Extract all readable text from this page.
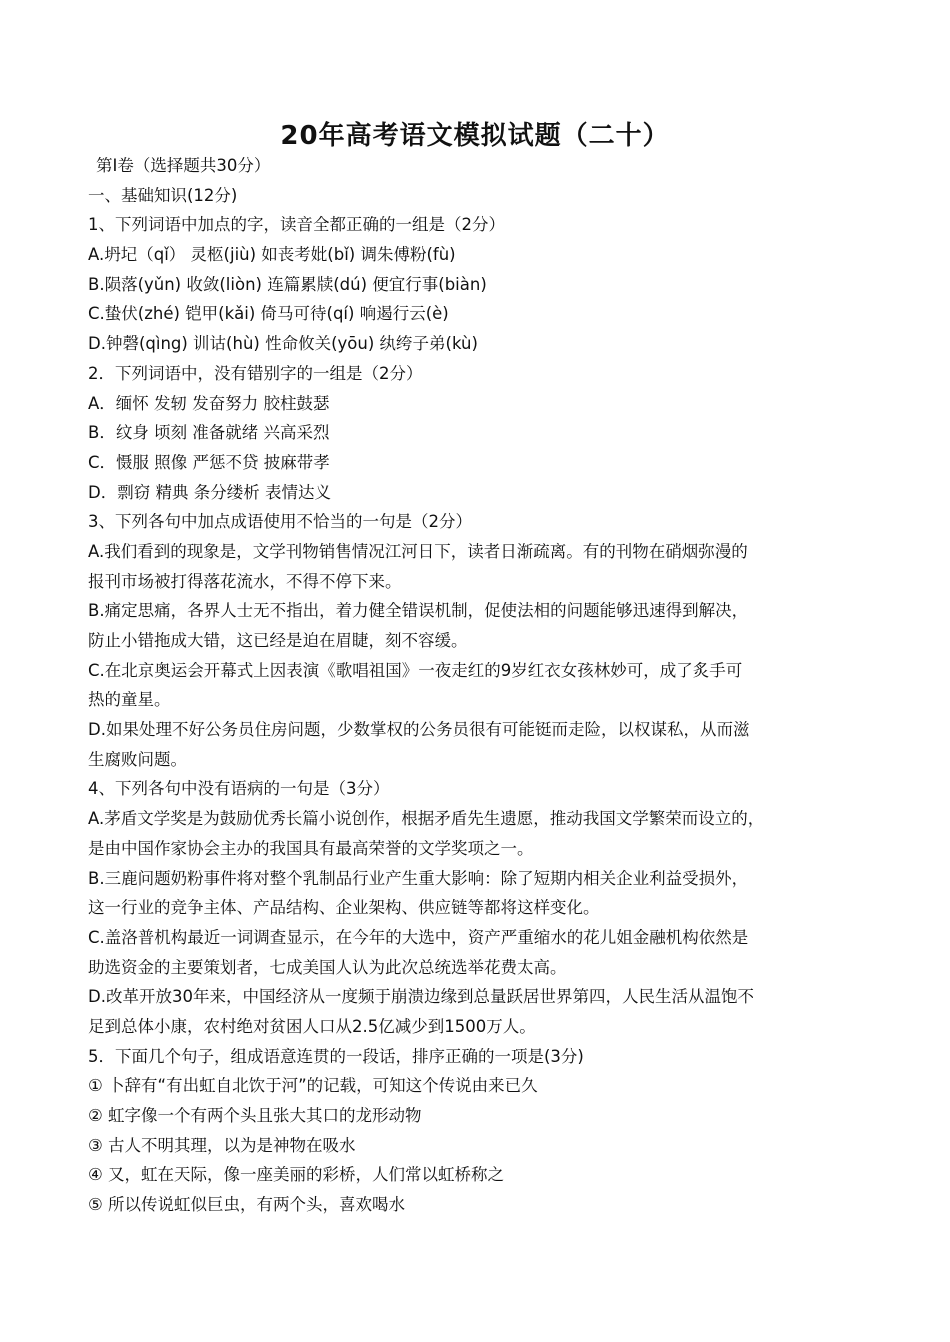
20年高考语文模拟试题（二十）
第Ⅰ卷（选择题共30分）
一、基础知识(12分)
1、下列词语中加点的字，读音全都正确的一组是（2分）
A.坍圮（qǐ） 灵柩(jiù) 如丧考妣(bǐ) 调朱傅粉(fù)
B.陨落(yǔn) 收敛(liòn) 连篇累牍(dú) 便宜行事(biàn)
C.蛰伏(zhé) 铠甲(kǎi) 倚马可待(qí) 响遏行云(è)
D.钟磬(qìng) 训诂(hù) 性命攸关(yōu) 纨绔子弟(kù)
2．下列词语中，没有错别字的一组是（2分）
A．缅怀 发轫 发奋努力 胶柱鼓瑟
B．纹身 顷刻 准备就绪 兴高采烈
C．慑服 照像 严惩不贷 披麻带孝
D．剽窃 精典 条分缕析 表情达义
3、下列各句中加点成语使用不恰当的一句是（2分）
A.我们看到的现象是，文学刊物销售情况江河日下，读者日渐疏离。有的刊物在硝烟弥漫的
报刊市场被打得落花流水，不得不停下来。
B.痛定思痛，各界人士无不指出，着力健全错误机制，促使法相的问题能够迅速得到解决，
防止小错拖成大错，这已经是迫在眉睫，刻不容缓。
C.在北京奥运会开幕式上因表演《歌唱祖国》一夜走红的9岁红衣女孩林妙可，成了炙手可
热的童星。
D.如果处理不好公务员住房问题，少数掌权的公务员很有可能铤而走险，以权谋私，从而滋
生腐败问题。
4、下列各句中没有语病的一句是（3分）
A.茅盾文学奖是为鼓励优秀长篇小说创作，根据矛盾先生遗愿，推动我国文学繁荣而设立的，
是由中国作家协会主办的我国具有最高荣誉的文学奖项之一。
B.三鹿问题奶粉事件将对整个乳制品行业产生重大影响：除了短期内相关企业利益受损外，
这一行业的竞争主体、产品结构、企业架构、供应链等都将这样变化。
C.盖洛普机构最近一词调查显示，在今年的大选中，资产严重缩水的花儿姐金融机构依然是
助选资金的主要策划者，七成美国人认为此次总统选举花费太高。
D.改革开放30年来，中国经济从一度频于崩溃边缘到总量跃居世界第四，人民生活从温饱不
足到总体小康，农村绝对贫困人口从2.5亿减少到1500万人。
5．下面几个句子，组成语意连贯的一段话，排序正确的一项是(3分)
① 卜辞有“有出虹自北饮于河”的记载，可知这个传说由来已久
② 虹字像一个有两个头且张大其口的龙形动物
③ 古人不明其理，以为是神物在吸水
④ 又，虹在天际，像一座美丽的彩桥，人们常以虹桥称之
⑤ 所以传说虹似巨虫，有两个头，喜欢喝水
